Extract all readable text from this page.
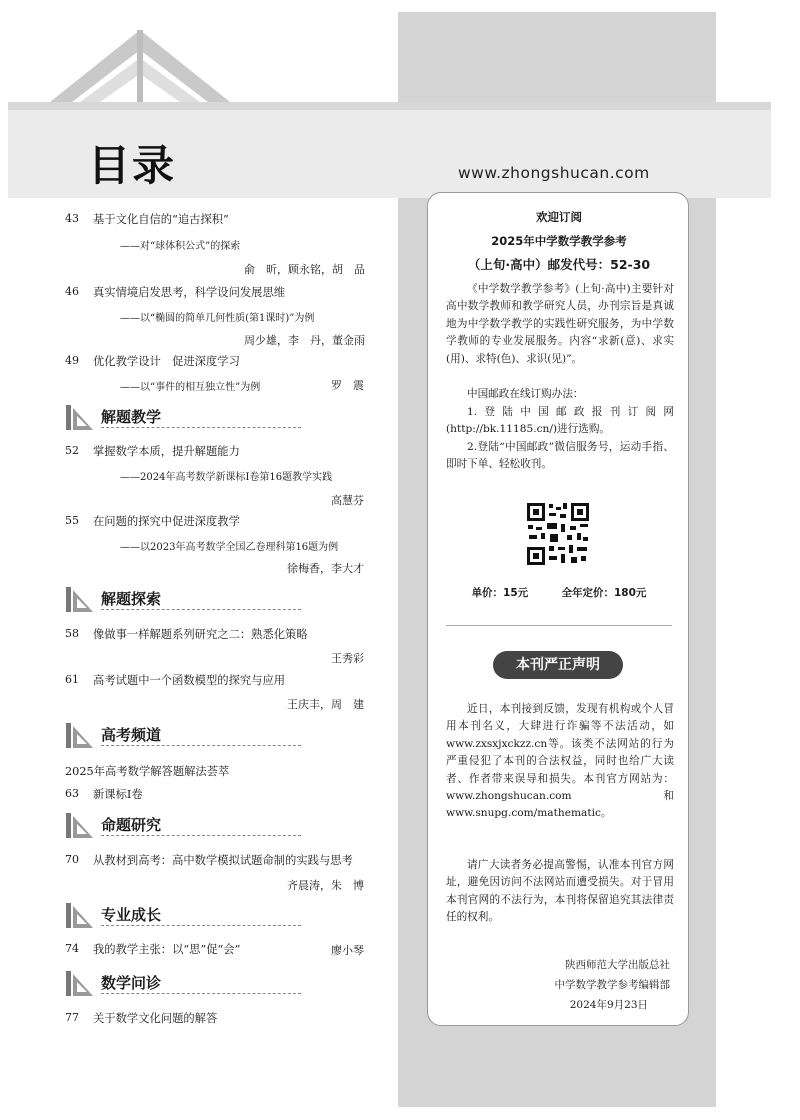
目录	www.zhongshucan.com
43 基于文化自信的“追古探积”
——对“球体积公式”的探索
俞　昕，顾永铭，胡　品
46 真实情境启发思考，科学设问发展思维
——以“椭圆的简单几何性质(第1课时)”为例
周少雄，李　丹，董金雨
49 优化教学设计　促进深度学习
——以“事件的相互独立性”为例	罗　震
解题教学
52 掌握数学本质，提升解题能力
——2024年高考数学新课标Ⅰ卷第16题教学实践
高慧芬
55 在问题的探究中促进深度教学
——以2023年高考数学全国乙卷理科第16题为例
徐梅香，李大才
解题探索
58 像做事一样解题系列研究之二：熟悉化策略
王秀彩
61 高考试题中一个函数模型的探究与应用
王庆丰，周　建
高考频道
2025年高考数学解答题解法荟萃
63 新课标Ⅰ卷
命题研究
70 从教材到高考：高中数学模拟试题命制的实践与思考
齐晨涛，朱　博
专业成长
74 我的教学主张：以“思”促“会”	廖小琴
数学问诊
77 关于数学文化问题的解答
欢迎订阅
2025年中学数学教学参考
（上旬·高中）邮发代号：52-30
《中学数学教学参考》(上旬·高中)主要针对高中数学教师和教学研究人员，办刊宗旨是真诚地为中学数学教学的实践性研究服务，为中学数学教师的专业发展服务。内容“求新(意)、求实(用)、求特(色)、求识(见)”。
中国邮政在线订购办法：
1.登陆中国邮政报刊订阅网(http://bk.11185.cn/)进行选购。
2.登陆“中国邮政”微信服务号，运动手指、即时下单、轻松收刊。
单价：15元	全年定价：180元
本刊严正声明
近日，本刊接到反馈，发现有机构或个人冒用本刊名义，大肆进行诈骗等不法活动，如www.zxsxjxckzz.cn等。该类不法网站的行为严重侵犯了本刊的合法权益，同时也给广大读者、作者带来误导和损失。本刊官方网站为：www.zhongshucan.com和www.snupg.com/mathematic。
请广大读者务必提高警惕，认准本刊官方网址，避免因访问不法网站而遭受损失。对于冒用本刊官网的不法行为，本刊将保留追究其法律责任的权利。
陕西师范大学出版总社
中学数学教学参考编辑部
2024年9月23日
